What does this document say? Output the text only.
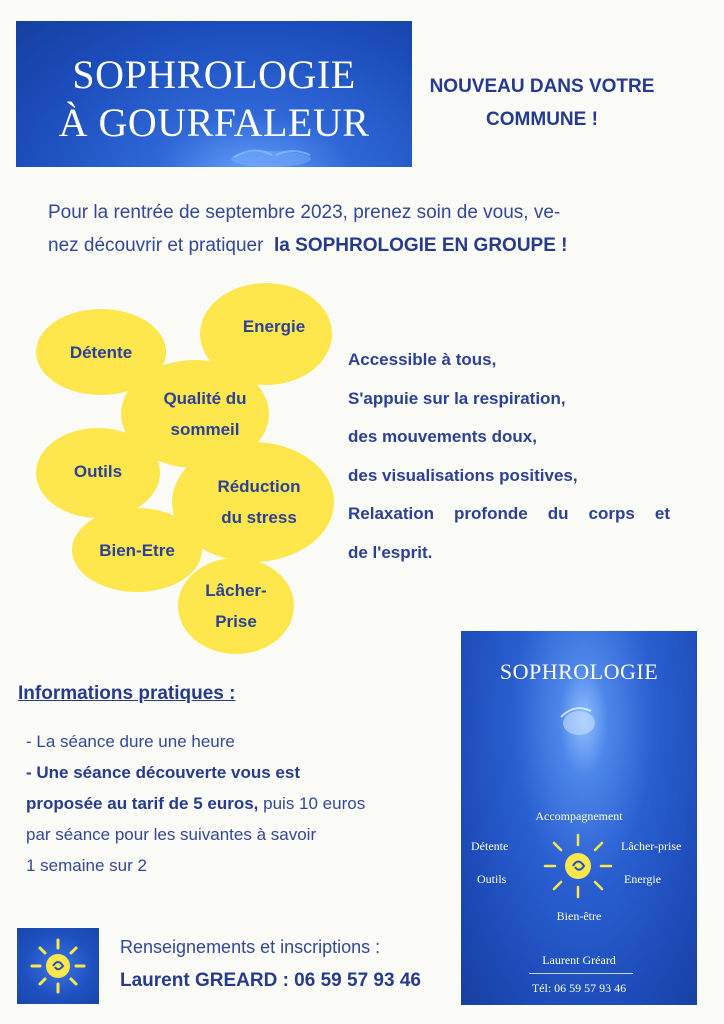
SOPHROLOGIE
À GOURFALEUR
NOUVEAU DANS VOTRE
COMMUNE !
Pour la rentrée de septembre 2023, prenez soin de vous, ve-
nez découvrir et pratiquer la SOPHROLOGIE EN GROUPE !
Détente
Energie
Qualité du
sommeil
Outils
Réduction
du stress
Bien-Etre
Lâcher-
Prise
Accessible à tous,
S'appuie sur la respiration,
des mouvements doux,
des visualisations positives,
Relaxation profonde du corps et
de l'esprit.
Informations pratiques :
- La séance dure une heure
- Une séance découverte vous est
proposée au tarif de 5 euros, puis 10 euros
par séance pour les suivantes à savoir
1 semaine sur 2
Renseignements et inscriptions :
Laurent GREARD : 06 59 57 93 46
SOPHROLOGIE
Accompagnement
Détente	Lâcher-prise
Outils	Energie
Bien-être
Laurent Gréard
Tél: 06 59 57 93 46
